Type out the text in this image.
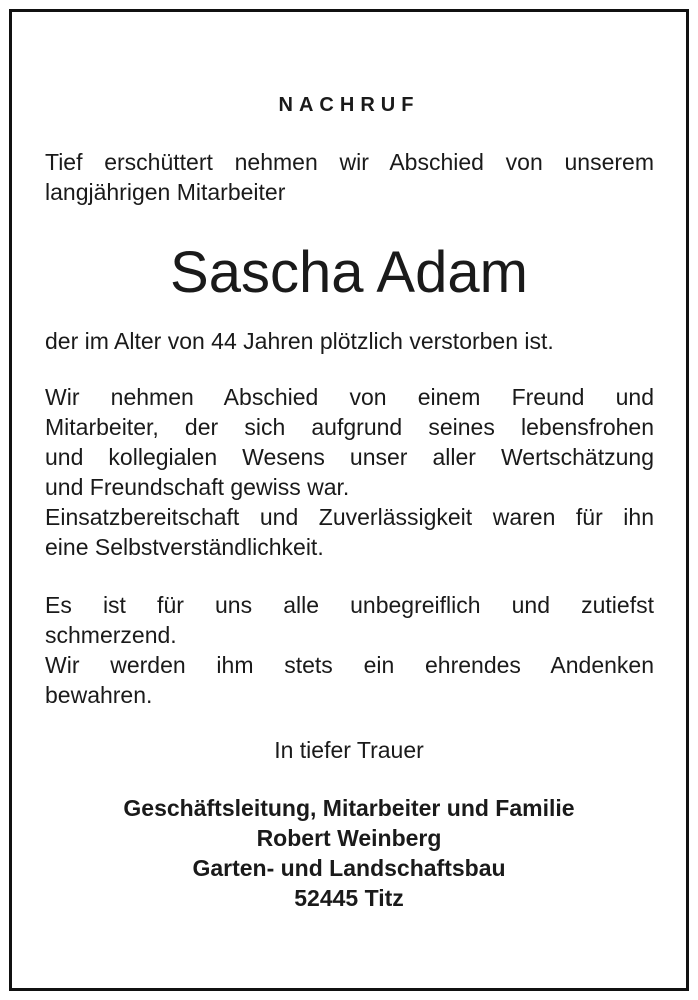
NACHRUF
Tief erschüttert nehmen wir Abschied von unserem
langjährigen Mitarbeiter
Sascha Adam
der im Alter von 44 Jahren plötzlich verstorben ist.
Wir nehmen Abschied von einem Freund und
Mitarbeiter, der sich aufgrund seines lebensfrohen
und kollegialen Wesens unser aller Wertschätzung
und Freundschaft gewiss war.
Einsatzbereitschaft und Zuverlässigkeit waren für ihn
eine Selbstverständlichkeit.
Es ist für uns alle unbegreiflich und zutiefst
schmerzend.
Wir werden ihm stets ein ehrendes Andenken
bewahren.
In tiefer Trauer
Geschäftsleitung, Mitarbeiter und Familie
Robert Weinberg
Garten- und Landschaftsbau
52445 Titz
